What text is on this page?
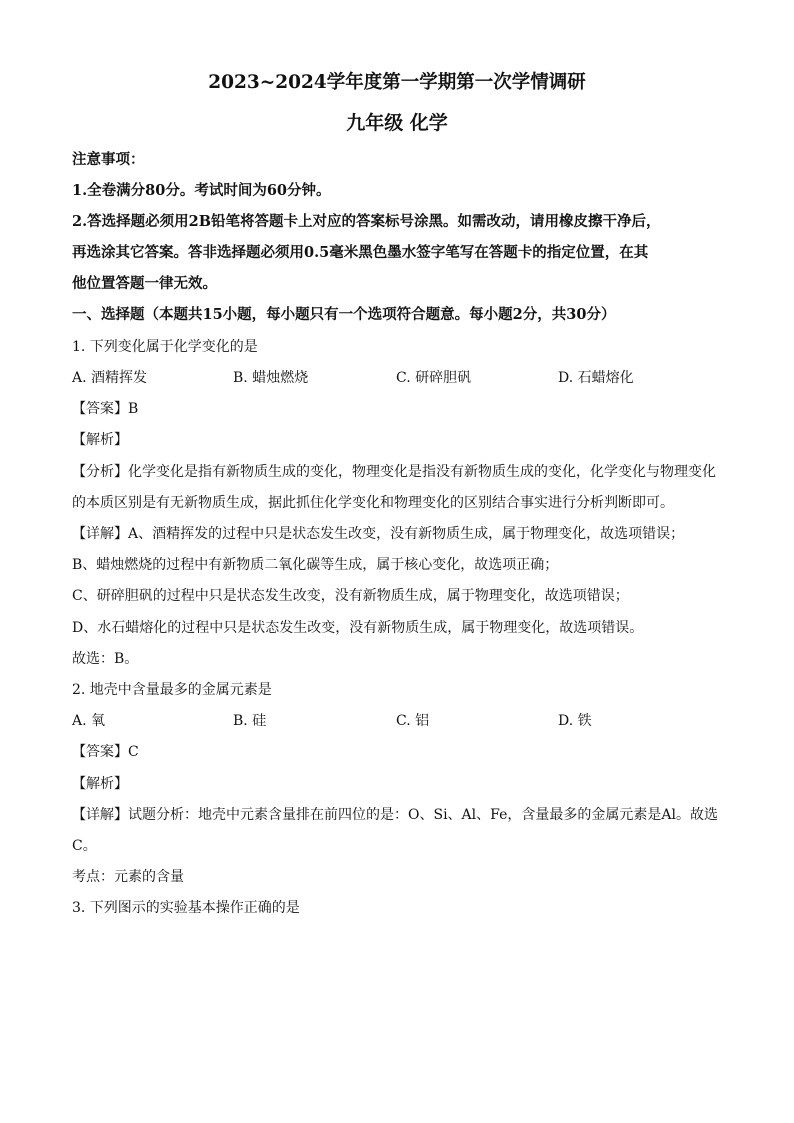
2023~2024学年度第一学期第一次学情调研
九年级 化学
注意事项：
1.全卷满分80分。考试时间为60分钟。
2.答选择题必须用2B铅笔将答题卡上对应的答案标号涂黑。如需改动，请用橡皮擦干净后，
再选涂其它答案。答非选择题必须用0.5毫米黑色墨水签字笔写在答题卡的指定位置，在其
他位置答题一律无效。
一、选择题（本题共15小题，每小题只有一个选项符合题意。每小题2分，共30分）
1. 下列变化属于化学变化的是
A. 酒精挥发	B. 蜡烛燃烧	C. 研碎胆矾	D. 石蜡熔化
【答案】B
【解析】
【分析】化学变化是指有新物质生成的变化，物理变化是指没有新物质生成的变化，化学变化与物理变化
的本质区别是有无新物质生成，据此抓住化学变化和物理变化的区别结合事实进行分析判断即可。
【详解】A、酒精挥发的过程中只是状态发生改变，没有新物质生成，属于物理变化，故选项错误；
B、蜡烛燃烧的过程中有新物质二氧化碳等生成，属于核心变化，故选项正确；
C、研碎胆矾的过程中只是状态发生改变，没有新物质生成，属于物理变化，故选项错误；
D、水石蜡熔化的过程中只是状态发生改变，没有新物质生成，属于物理变化，故选项错误。
故选：B。
2. 地壳中含量最多的金属元素是
A. 氧	B. 硅	C. 铝	D. 铁
【答案】C
【解析】
【详解】试题分析：地壳中元素含量排在前四位的是：O、Si、Al、Fe，含量最多的金属元素是Al。故选
C。
考点：元素的含量
3. 下列图示的实验基本操作正确的是
